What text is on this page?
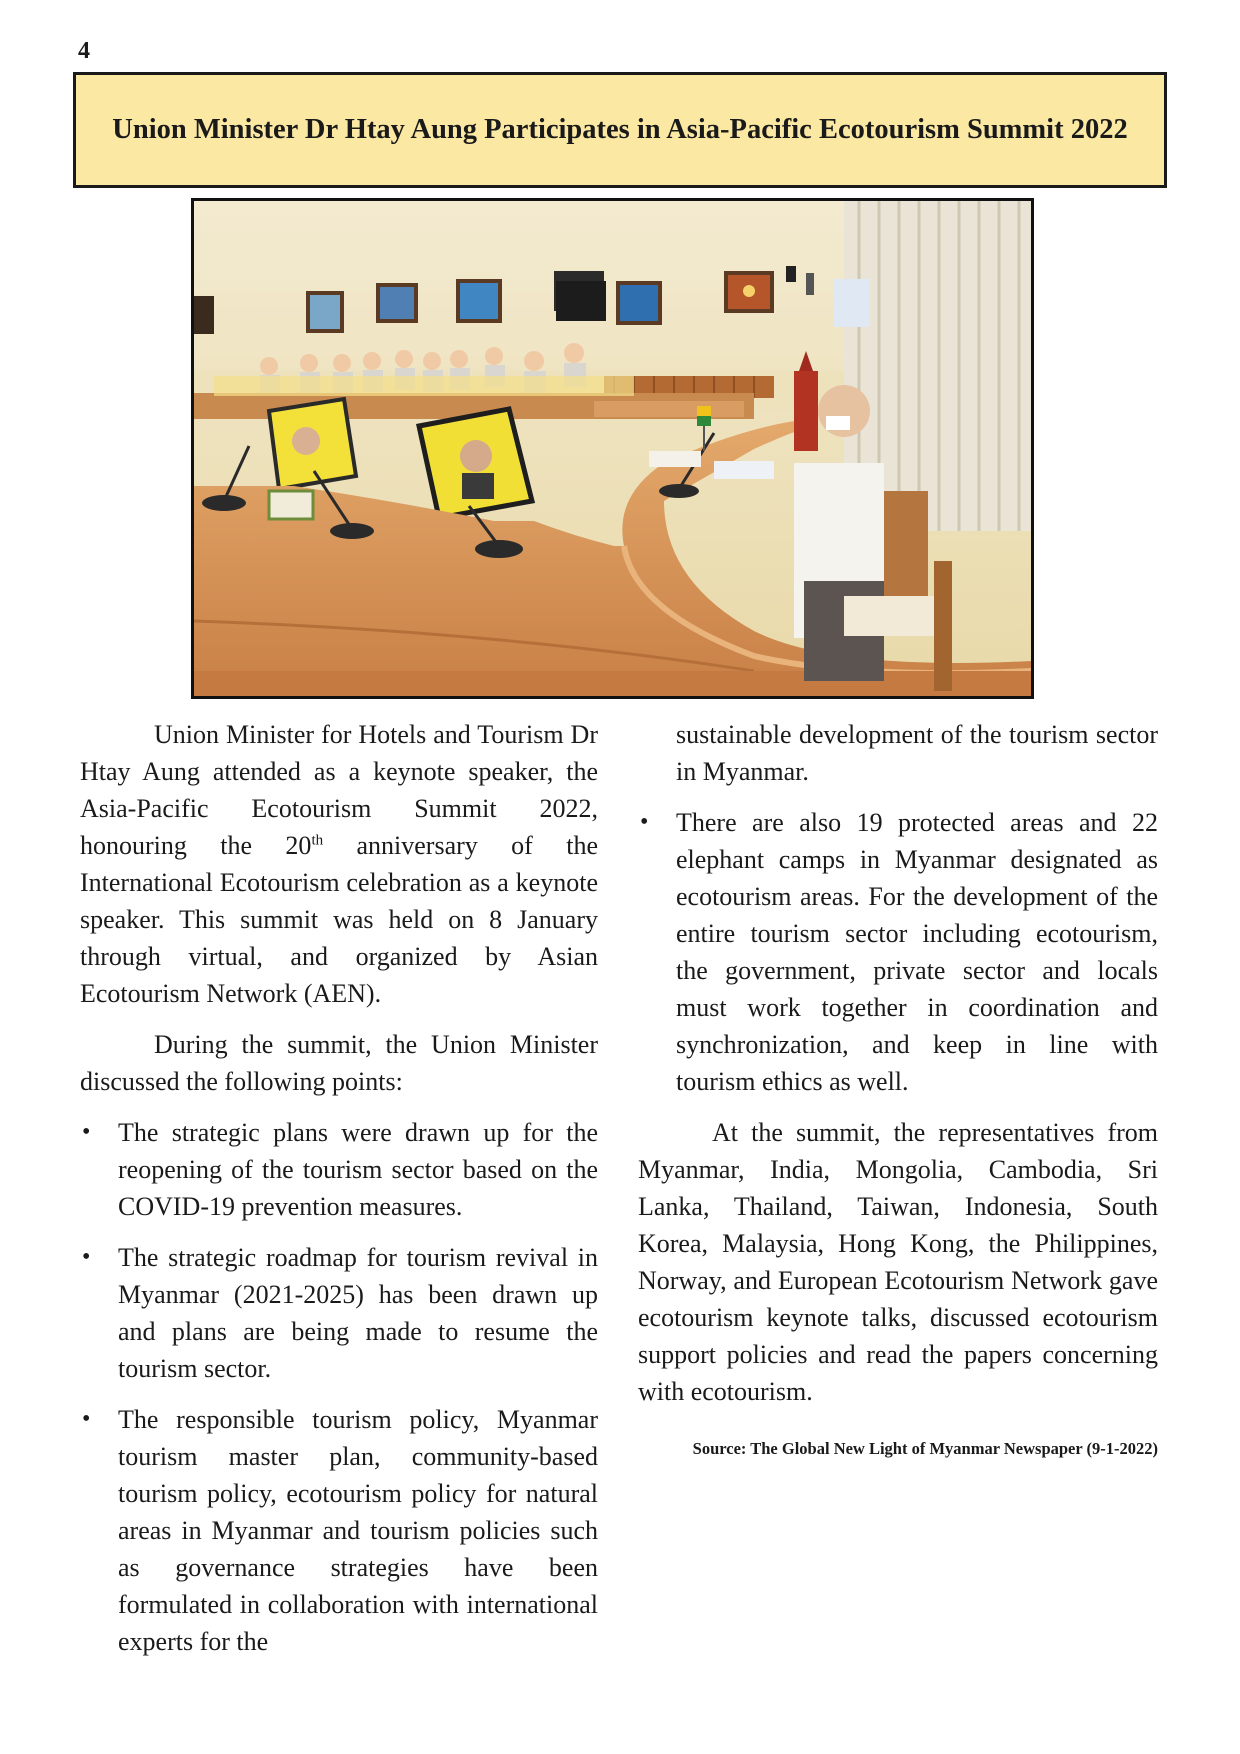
4
Union Minister Dr Htay Aung Participates in Asia-Pacific Ecotourism Summit 2022

Union Minister for Hotels and Tourism Dr Htay Aung attended as a keynote speaker, the Asia-Pacific Ecotourism Summit 2022, honouring the 20th anniversary of the International Ecotourism celebration as a keynote speaker. This summit was held on 8 January through virtual, and organized by Asian Ecotourism Network (AEN).

During the summit, the Union Minister discussed the following points:

• The strategic plans were drawn up for the reopening of the tourism sector based on the COVID-19 prevention measures.
• The strategic roadmap for tourism revival in Myanmar (2021-2025) has been drawn up and plans are being made to resume the tourism sector.
• The responsible tourism policy, Myanmar tourism master plan, community-based tourism policy, ecotourism policy for natural areas in Myanmar and tourism policies such as governance strategies have been formulated in collaboration with international experts for the

sustainable development of the tourism sector in Myanmar.

• There are also 19 protected areas and 22 elephant camps in Myanmar designated as ecotourism areas. For the development of the entire tourism sector including ecotourism, the government, private sector and locals must work together in coordination and synchronization, and keep in line with tourism ethics as well.

At the summit, the representatives from Myanmar, India, Mongolia, Cambodia, Sri Lanka, Thailand, Taiwan, Indonesia, South Korea, Malaysia, Hong Kong, the Philippines, Norway, and European Ecotourism Network gave ecotourism keynote talks, discussed ecotourism support policies and read the papers concerning with ecotourism.

Source: The Global New Light of Myanmar Newspaper (9-1-2022)
